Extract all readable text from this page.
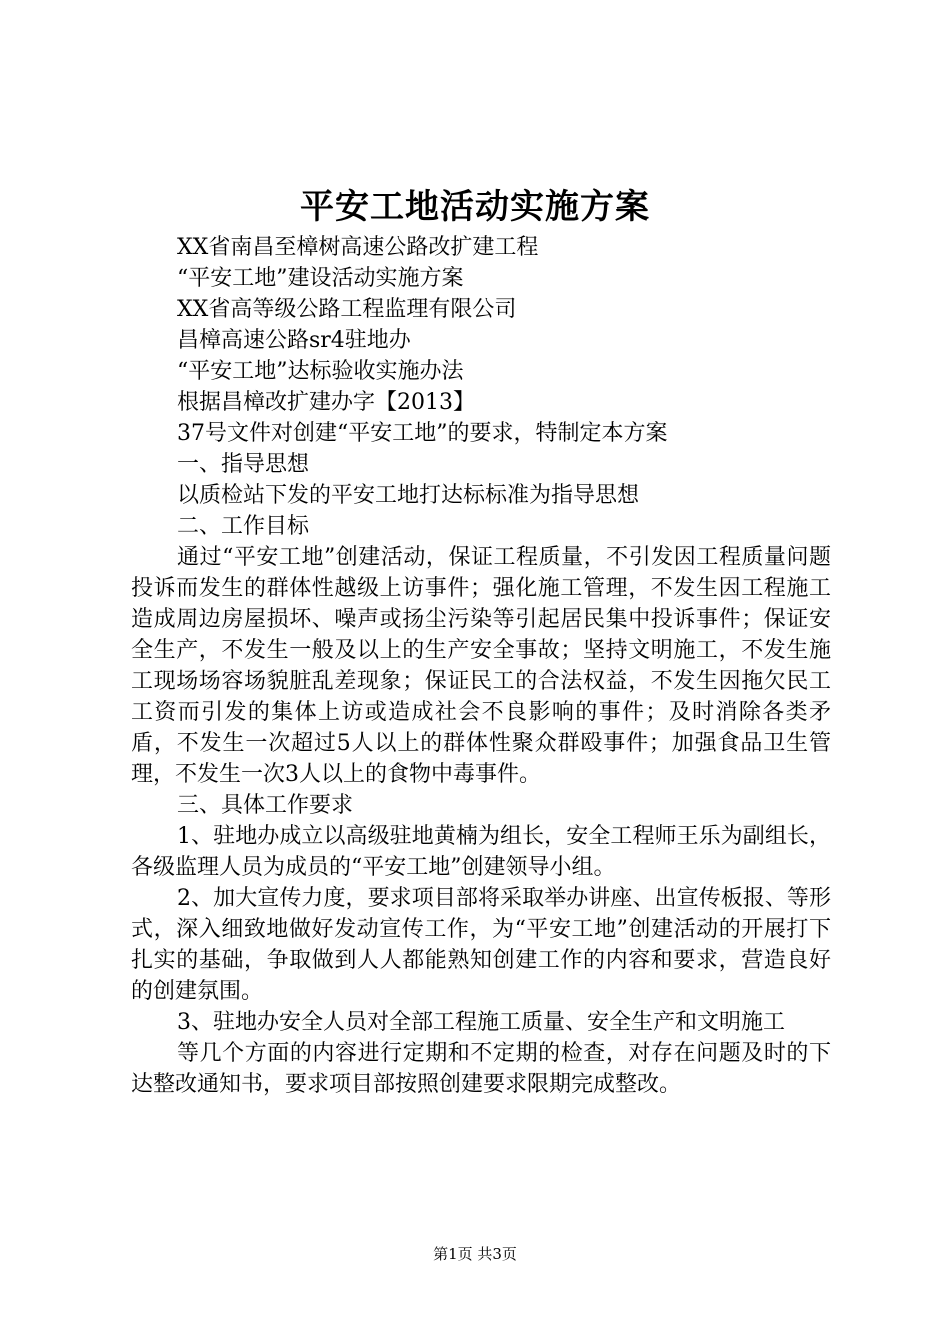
平安工地活动实施方案
XX省南昌至樟树高速公路改扩建工程
“平安工地”建设活动实施方案
XX省高等级公路工程监理有限公司
昌樟高速公路sr4驻地办
“平安工地”达标验收实施办法
根据昌樟改扩建办字【2013】
37号文件对创建“平安工地”的要求，特制定本方案
一、指导思想
以质检站下发的平安工地打达标标准为指导思想
二、工作目标
通过“平安工地”创建活动，保证工程质量，不引发因工程质量问题投诉而发生的群体性越级上访事件；强化施工管理，不发生因工程施工造成周边房屋损坏、噪声或扬尘污染等引起居民集中投诉事件；保证安全生产，不发生一般及以上的生产安全事故；坚持文明施工，不发生施工现场场容场貌脏乱差现象；保证民工的合法权益，不发生因拖欠民工工资而引发的集体上访或造成社会不良影响的事件；及时消除各类矛盾，不发生一次超过5人以上的群体性聚众群殴事件；加强食品卫生管理，不发生一次3人以上的食物中毒事件。
三、具体工作要求
1、驻地办成立以高级驻地黄楠为组长，安全工程师王乐为副组长，各级监理人员为成员的“平安工地”创建领导小组。
2、加大宣传力度，要求项目部将采取举办讲座、出宣传板报、等形式，深入细致地做好发动宣传工作，为“平安工地”创建活动的开展打下扎实的基础，争取做到人人都能熟知创建工作的内容和要求，营造良好的创建氛围。
3、驻地办安全人员对全部工程施工质量、安全生产和文明施工
等几个方面的内容进行定期和不定期的检查，对存在问题及时的下达整改通知书，要求项目部按照创建要求限期完成整改。
第1页 共3页
